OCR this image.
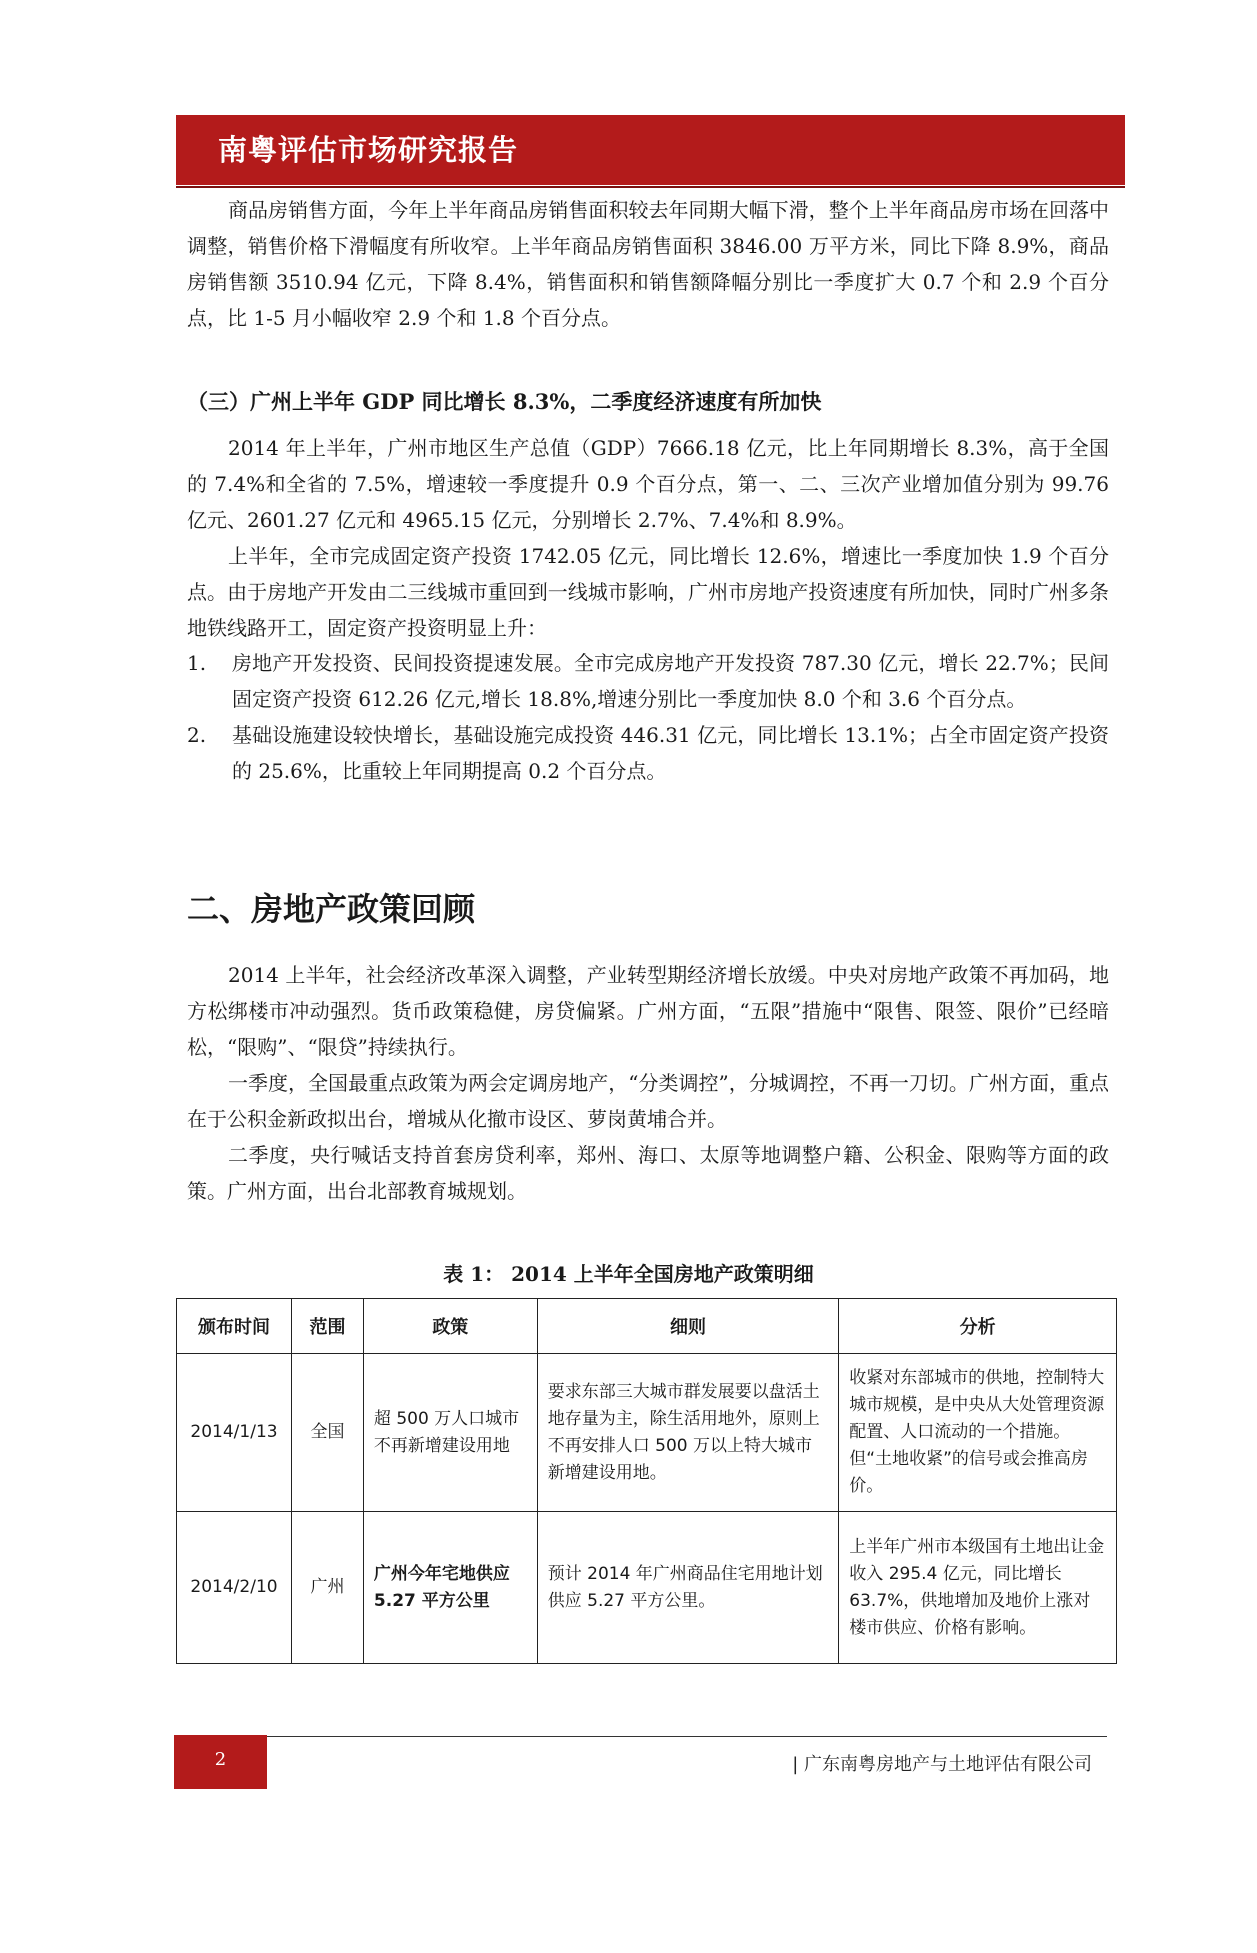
南粤评估市场研究报告

商品房销售方面，今年上半年商品房销售面积较去年同期大幅下滑，整个上半年商品房市场在回落中调整，销售价格下滑幅度有所收窄。上半年商品房销售面积 3846.00 万平方米，同比下降 8.9%，商品房销售额 3510.94 亿元，下降 8.4%，销售面积和销售额降幅分别比一季度扩大 0.7 个和 2.9 个百分点，比 1-5 月小幅收窄 2.9 个和 1.8 个百分点。

（三）广州上半年 GDP 同比增长 8.3%，二季度经济速度有所加快

2014 年上半年，广州市地区生产总值（GDP）7666.18 亿元，比上年同期增长 8.3%，高于全国的 7.4%和全省的 7.5%，增速较一季度提升 0.9 个百分点，第一、二、三次产业增加值分别为 99.76 亿元、2601.27 亿元和 4965.15 亿元，分别增长 2.7%、7.4%和 8.9%。

上半年，全市完成固定资产投资 1742.05 亿元，同比增长 12.6%，增速比一季度加快 1.9 个百分点。由于房地产开发由二三线城市重回到一线城市影响，广州市房地产投资速度有所加快，同时广州多条地铁线路开工，固定资产投资明显上升：

1. 房地产开发投资、民间投资提速发展。全市完成房地产开发投资 787.30 亿元，增长 22.7%；民间固定资产投资 612.26 亿元,增长 18.8%,增速分别比一季度加快 8.0 个和 3.6 个百分点。
2. 基础设施建设较快增长，基础设施完成投资 446.31 亿元，同比增长 13.1%；占全市固定资产投资的 25.6%，比重较上年同期提高 0.2 个百分点。
二、房地产政策回顾

2014 上半年，社会经济改革深入调整，产业转型期经济增长放缓。中央对房地产政策不再加码，地方松绑楼市冲动强烈。货币政策稳健，房贷偏紧。广州方面，“五限”措施中“限售、限签、限价”已经暗松，“限购”、“限贷”持续执行。

一季度，全国最重点政策为两会定调房地产，“分类调控”，分城调控，不再一刀切。广州方面，重点在于公积金新政拟出台，增城从化撤市设区、萝岗黄埔合并。

二季度，央行喊话支持首套房贷利率，郑州、海口、太原等地调整户籍、公积金、限购等方面的政策。广州方面，出台北部教育城规划。

表 1： 2014 上半年全国房地产政策明细
颁布时间	范围	政策	细则	分析
2014/1/13	全国	超 500 万人口城市不再新增建设用地	要求东部三大城市群发展要以盘活土地存量为主，除生活用地外，原则上不再安排人口 500 万以上特大城市新增建设用地。	收紧对东部城市的供地，控制特大城市规模，是中央从大处管理资源配置、人口流动的一个措施。但“土地收紧”的信号或会推高房价。
2014/2/10	广州	广州今年宅地供应 5.27 平方公里	预计 2014 年广州商品住宅用地计划供应 5.27 平方公里。	上半年广州市本级国有土地出让金收入 295.4 亿元，同比增长 63.7%，供地增加及地价上涨对楼市供应、价格有影响。
2	| 广东南粤房地产与土地评估有限公司
